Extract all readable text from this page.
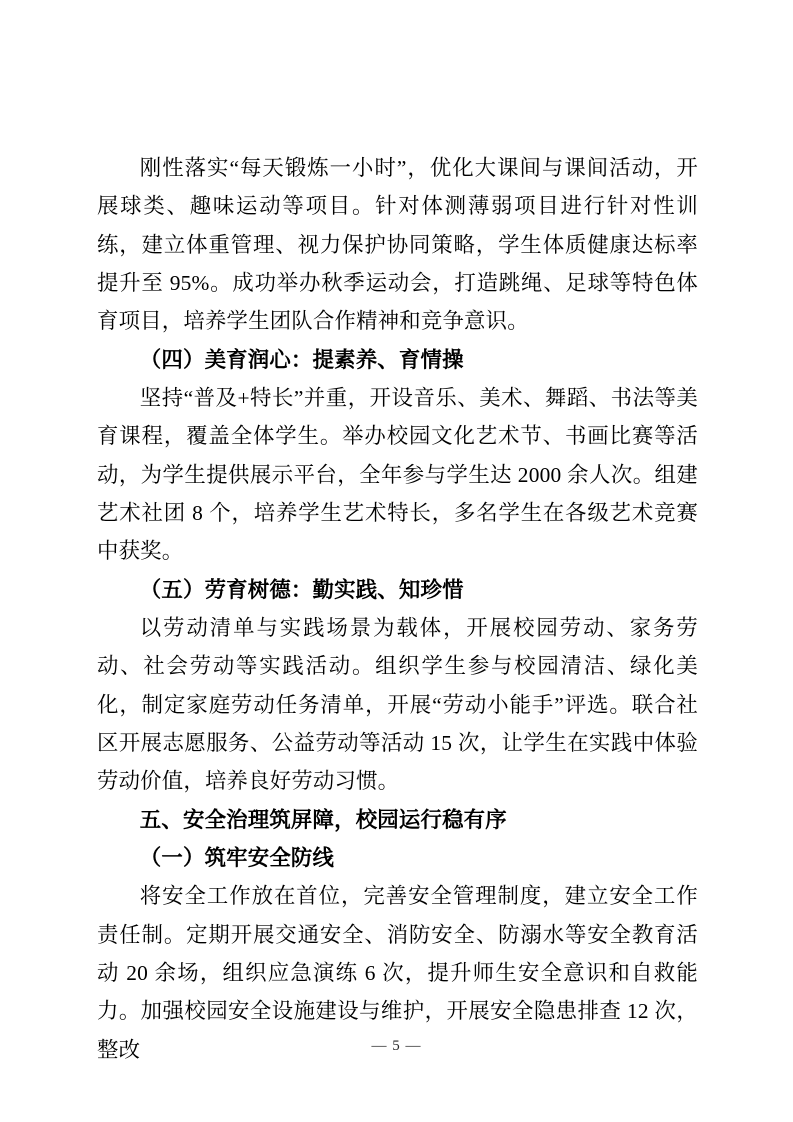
刚性落实“每天锻炼一小时”，优化大课间与课间活动，开展球类、趣味运动等项目。针对体测薄弱项目进行针对性训练，建立体重管理、视力保护协同策略，学生体质健康达标率提升至 95%。成功举办秋季运动会，打造跳绳、足球等特色体育项目，培养学生团队合作精神和竞争意识。

（四）美育润心：提素养、育情操

坚持“普及+特长”并重，开设音乐、美术、舞蹈、书法等美育课程，覆盖全体学生。举办校园文化艺术节、书画比赛等活动，为学生提供展示平台，全年参与学生达 2000 余人次。组建艺术社团 8 个，培养学生艺术特长，多名学生在各级艺术竞赛中获奖。

（五）劳育树德：勤实践、知珍惜

以劳动清单与实践场景为载体，开展校园劳动、家务劳动、社会劳动等实践活动。组织学生参与校园清洁、绿化美化，制定家庭劳动任务清单，开展“劳动小能手”评选。联合社区开展志愿服务、公益劳动等活动 15 次，让学生在实践中体验劳动价值，培养良好劳动习惯。

五、安全治理筑屏障，校园运行稳有序

（一）筑牢安全防线

将安全工作放在首位，完善安全管理制度，建立安全工作责任制。定期开展交通安全、消防安全、防溺水等安全教育活动 20 余场，组织应急演练 6 次，提升师生安全意识和自救能力。加强校园安全设施建设与维护，开展安全隐患排查 12 次，整改	— 5 —
